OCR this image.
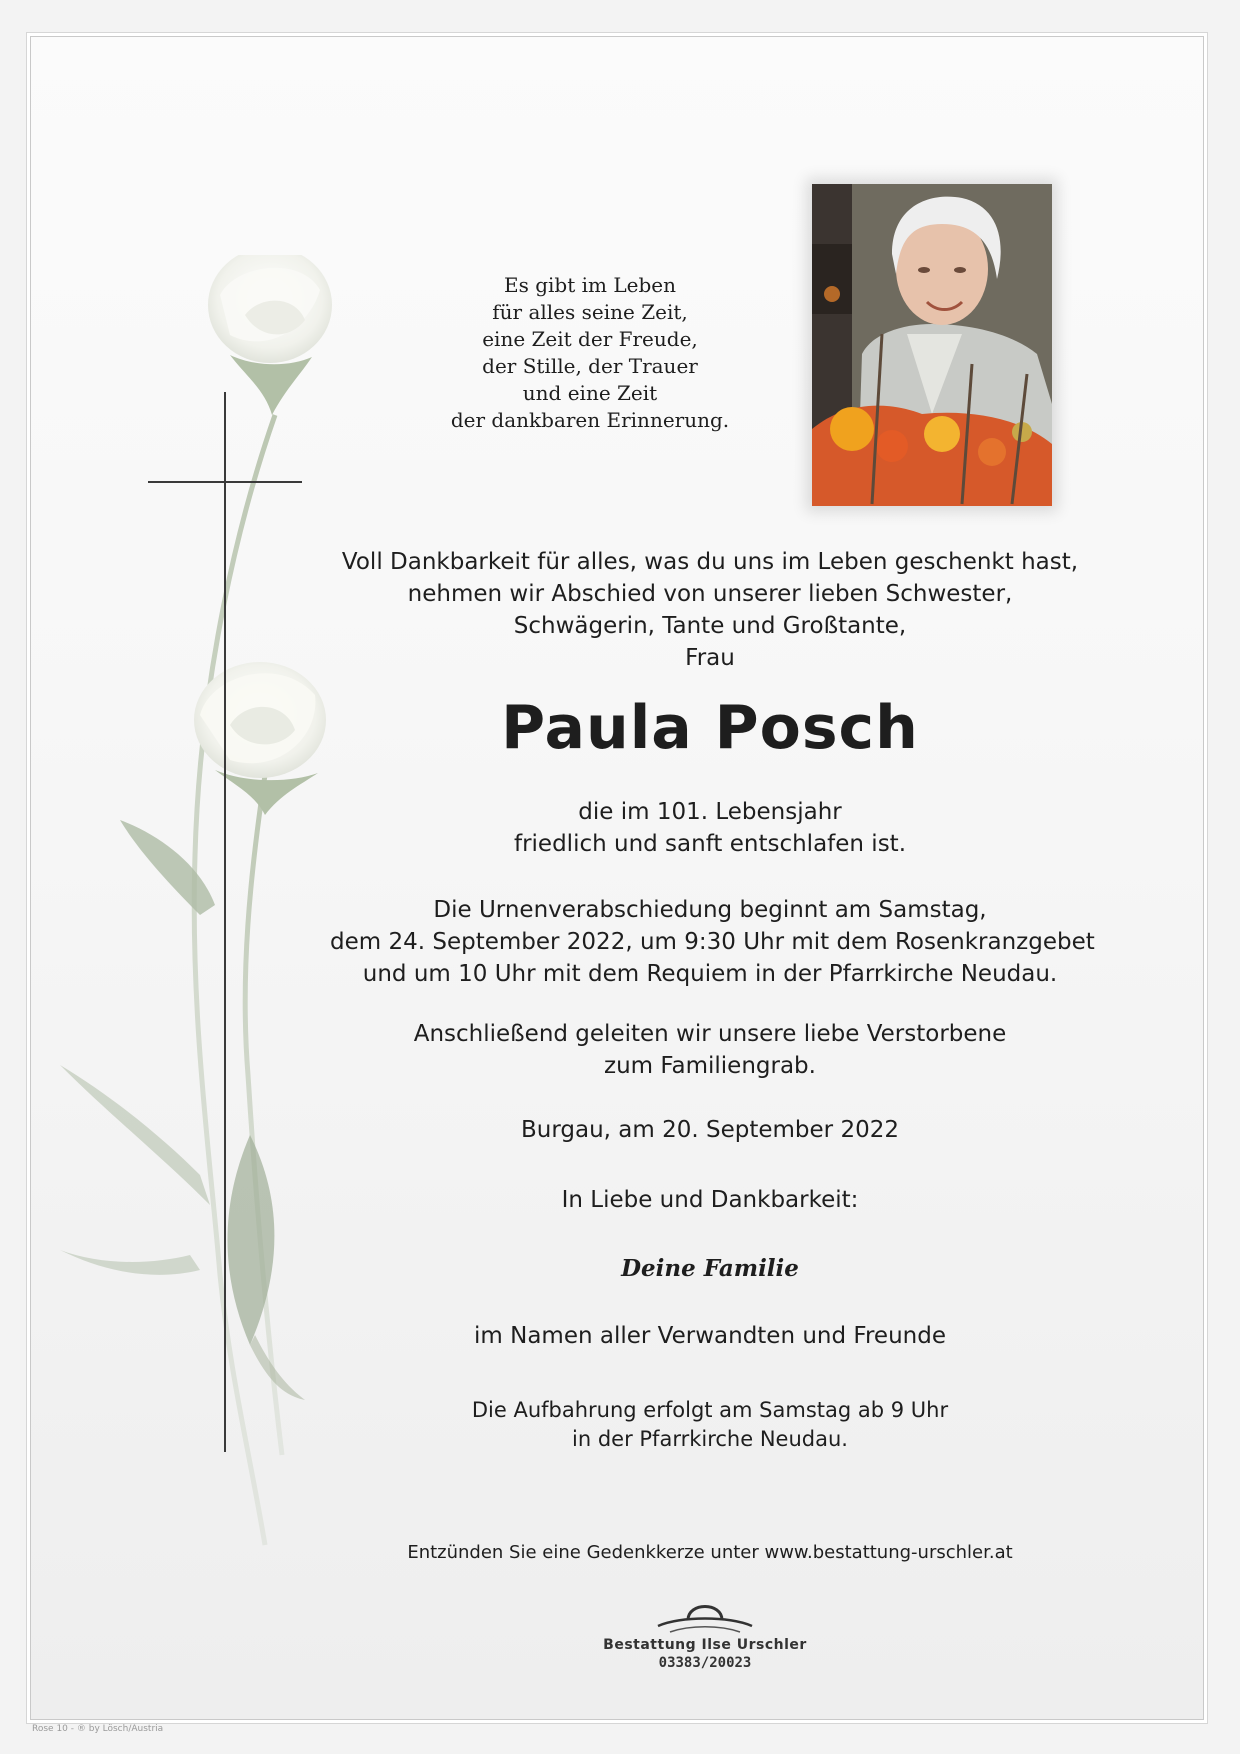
Es gibt im Leben
für alles seine Zeit,
eine Zeit der Freude,
der Stille, der Trauer
und eine Zeit
der dankbaren Erinnerung.
Voll Dankbarkeit für alles, was du uns im Leben geschenkt hast,
nehmen wir Abschied von unserer lieben Schwester,
Schwägerin, Tante und Großtante,
Frau
Paula Posch
die im 101. Lebensjahr
friedlich und sanft entschlafen ist.
Die Urnenverabschiedung beginnt am Samstag,
dem 24. September 2022, um 9:30 Uhr mit dem Rosenkranzgebet
und um 10 Uhr mit dem Requiem in der Pfarrkirche Neudau.
Anschließend geleiten wir unsere liebe Verstorbene
zum Familiengrab.
Burgau, am 20. September 2022
In Liebe und Dankbarkeit:
Deine Familie
im Namen aller Verwandten und Freunde
Die Aufbahrung erfolgt am Samstag ab 9 Uhr
in der Pfarrkirche Neudau.
Entzünden Sie eine Gedenkkerze unter www.bestattung-urschler.at
Bestattung Ilse Urschler
03383/20023
Rose 10 - ® by Lösch/Austria
